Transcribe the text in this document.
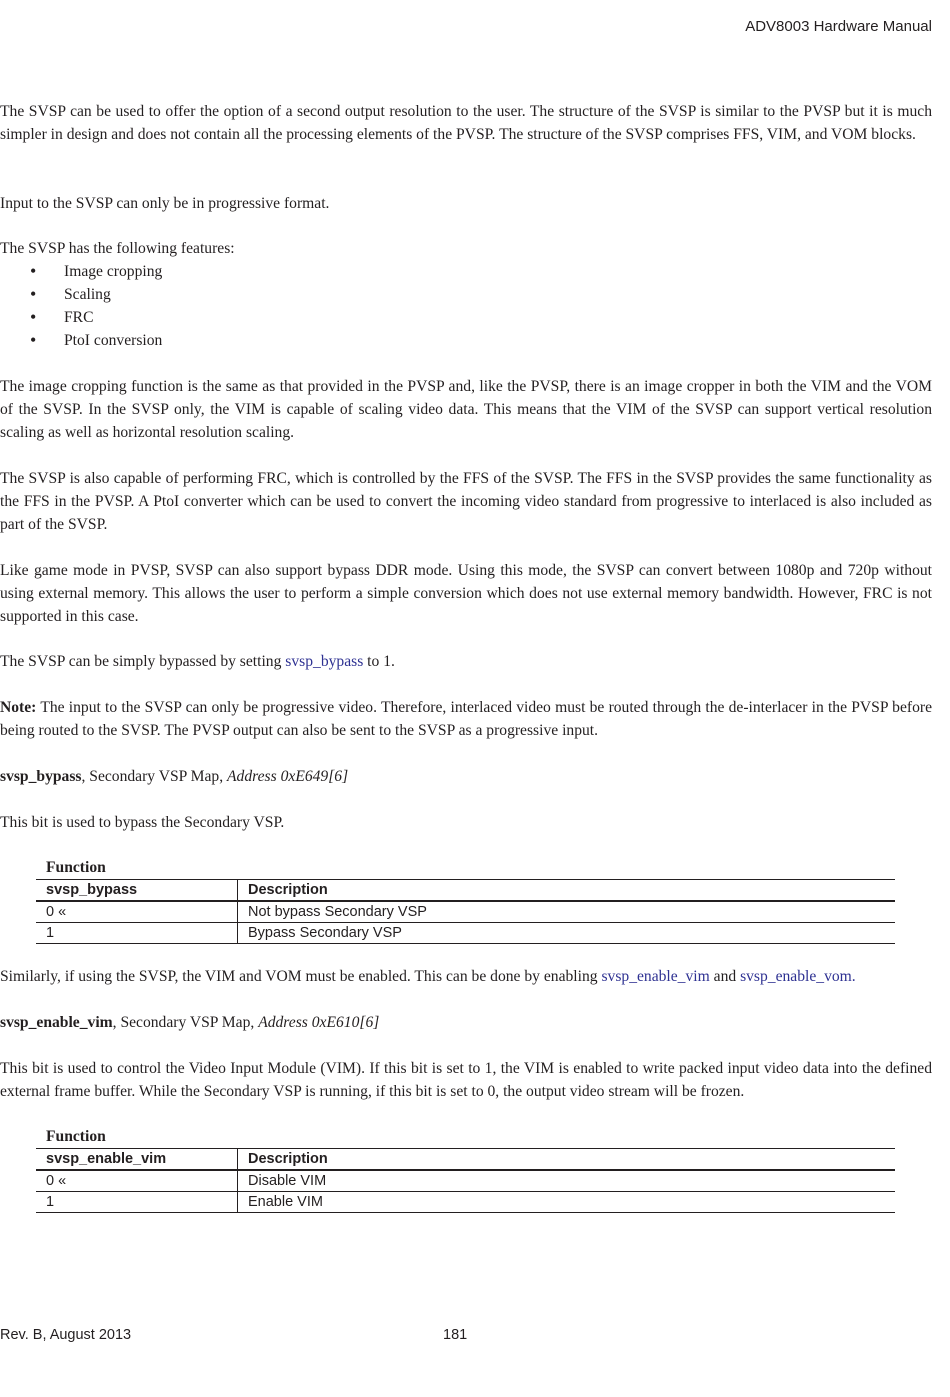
ADV8003 Hardware Manual

The SVSP can be used to offer the option of a second output resolution to the user. The structure of the SVSP is similar to the PVSP but it is much simpler in design and does not contain all the processing elements of the PVSP. The structure of the SVSP comprises FFS, VIM, and VOM blocks.

Input to the SVSP can only be in progressive format.

The SVSP has the following features:

• Image cropping
• Scaling
• FRC
• PtoI conversion

The image cropping function is the same as that provided in the PVSP and, like the PVSP, there is an image cropper in both the VIM and the VOM of the SVSP. In the SVSP only, the VIM is capable of scaling video data. This means that the VIM of the SVSP can support vertical resolution scaling as well as horizontal resolution scaling.

The SVSP is also capable of performing FRC, which is controlled by the FFS of the SVSP. The FFS in the SVSP provides the same functionality as the FFS in the PVSP. A PtoI converter which can be used to convert the incoming video standard from progressive to interlaced is also included as part of the SVSP.

Like game mode in PVSP, SVSP can also support bypass DDR mode. Using this mode, the SVSP can convert between 1080p and 720p without using external memory. This allows the user to perform a simple conversion which does not use external memory bandwidth. However, FRC is not supported in this case.

The SVSP can be simply bypassed by setting svsp_bypass to 1.

Note: The input to the SVSP can only be progressive video. Therefore, interlaced video must be routed through the de-interlacer in the PVSP before being routed to the SVSP. The PVSP output can also be sent to the SVSP as a progressive input.

svsp_bypass, Secondary VSP Map, Address 0xE649[6]

This bit is used to bypass the Secondary VSP.

Function
svsp_bypass	Description
0 «	Not bypass Secondary VSP
1	Bypass Secondary VSP

Similarly, if using the SVSP, the VIM and VOM must be enabled. This can be done by enabling svsp_enable_vim and svsp_enable_vom.

svsp_enable_vim, Secondary VSP Map, Address 0xE610[6]

This bit is used to control the Video Input Module (VIM). If this bit is set to 1, the VIM is enabled to write packed input video data into the defined external frame buffer. While the Secondary VSP is running, if this bit is set to 0, the output video stream will be frozen.

Function
svsp_enable_vim	Description
0 «	Disable VIM
1	Enable VIM
Rev. B, August 2013	181
